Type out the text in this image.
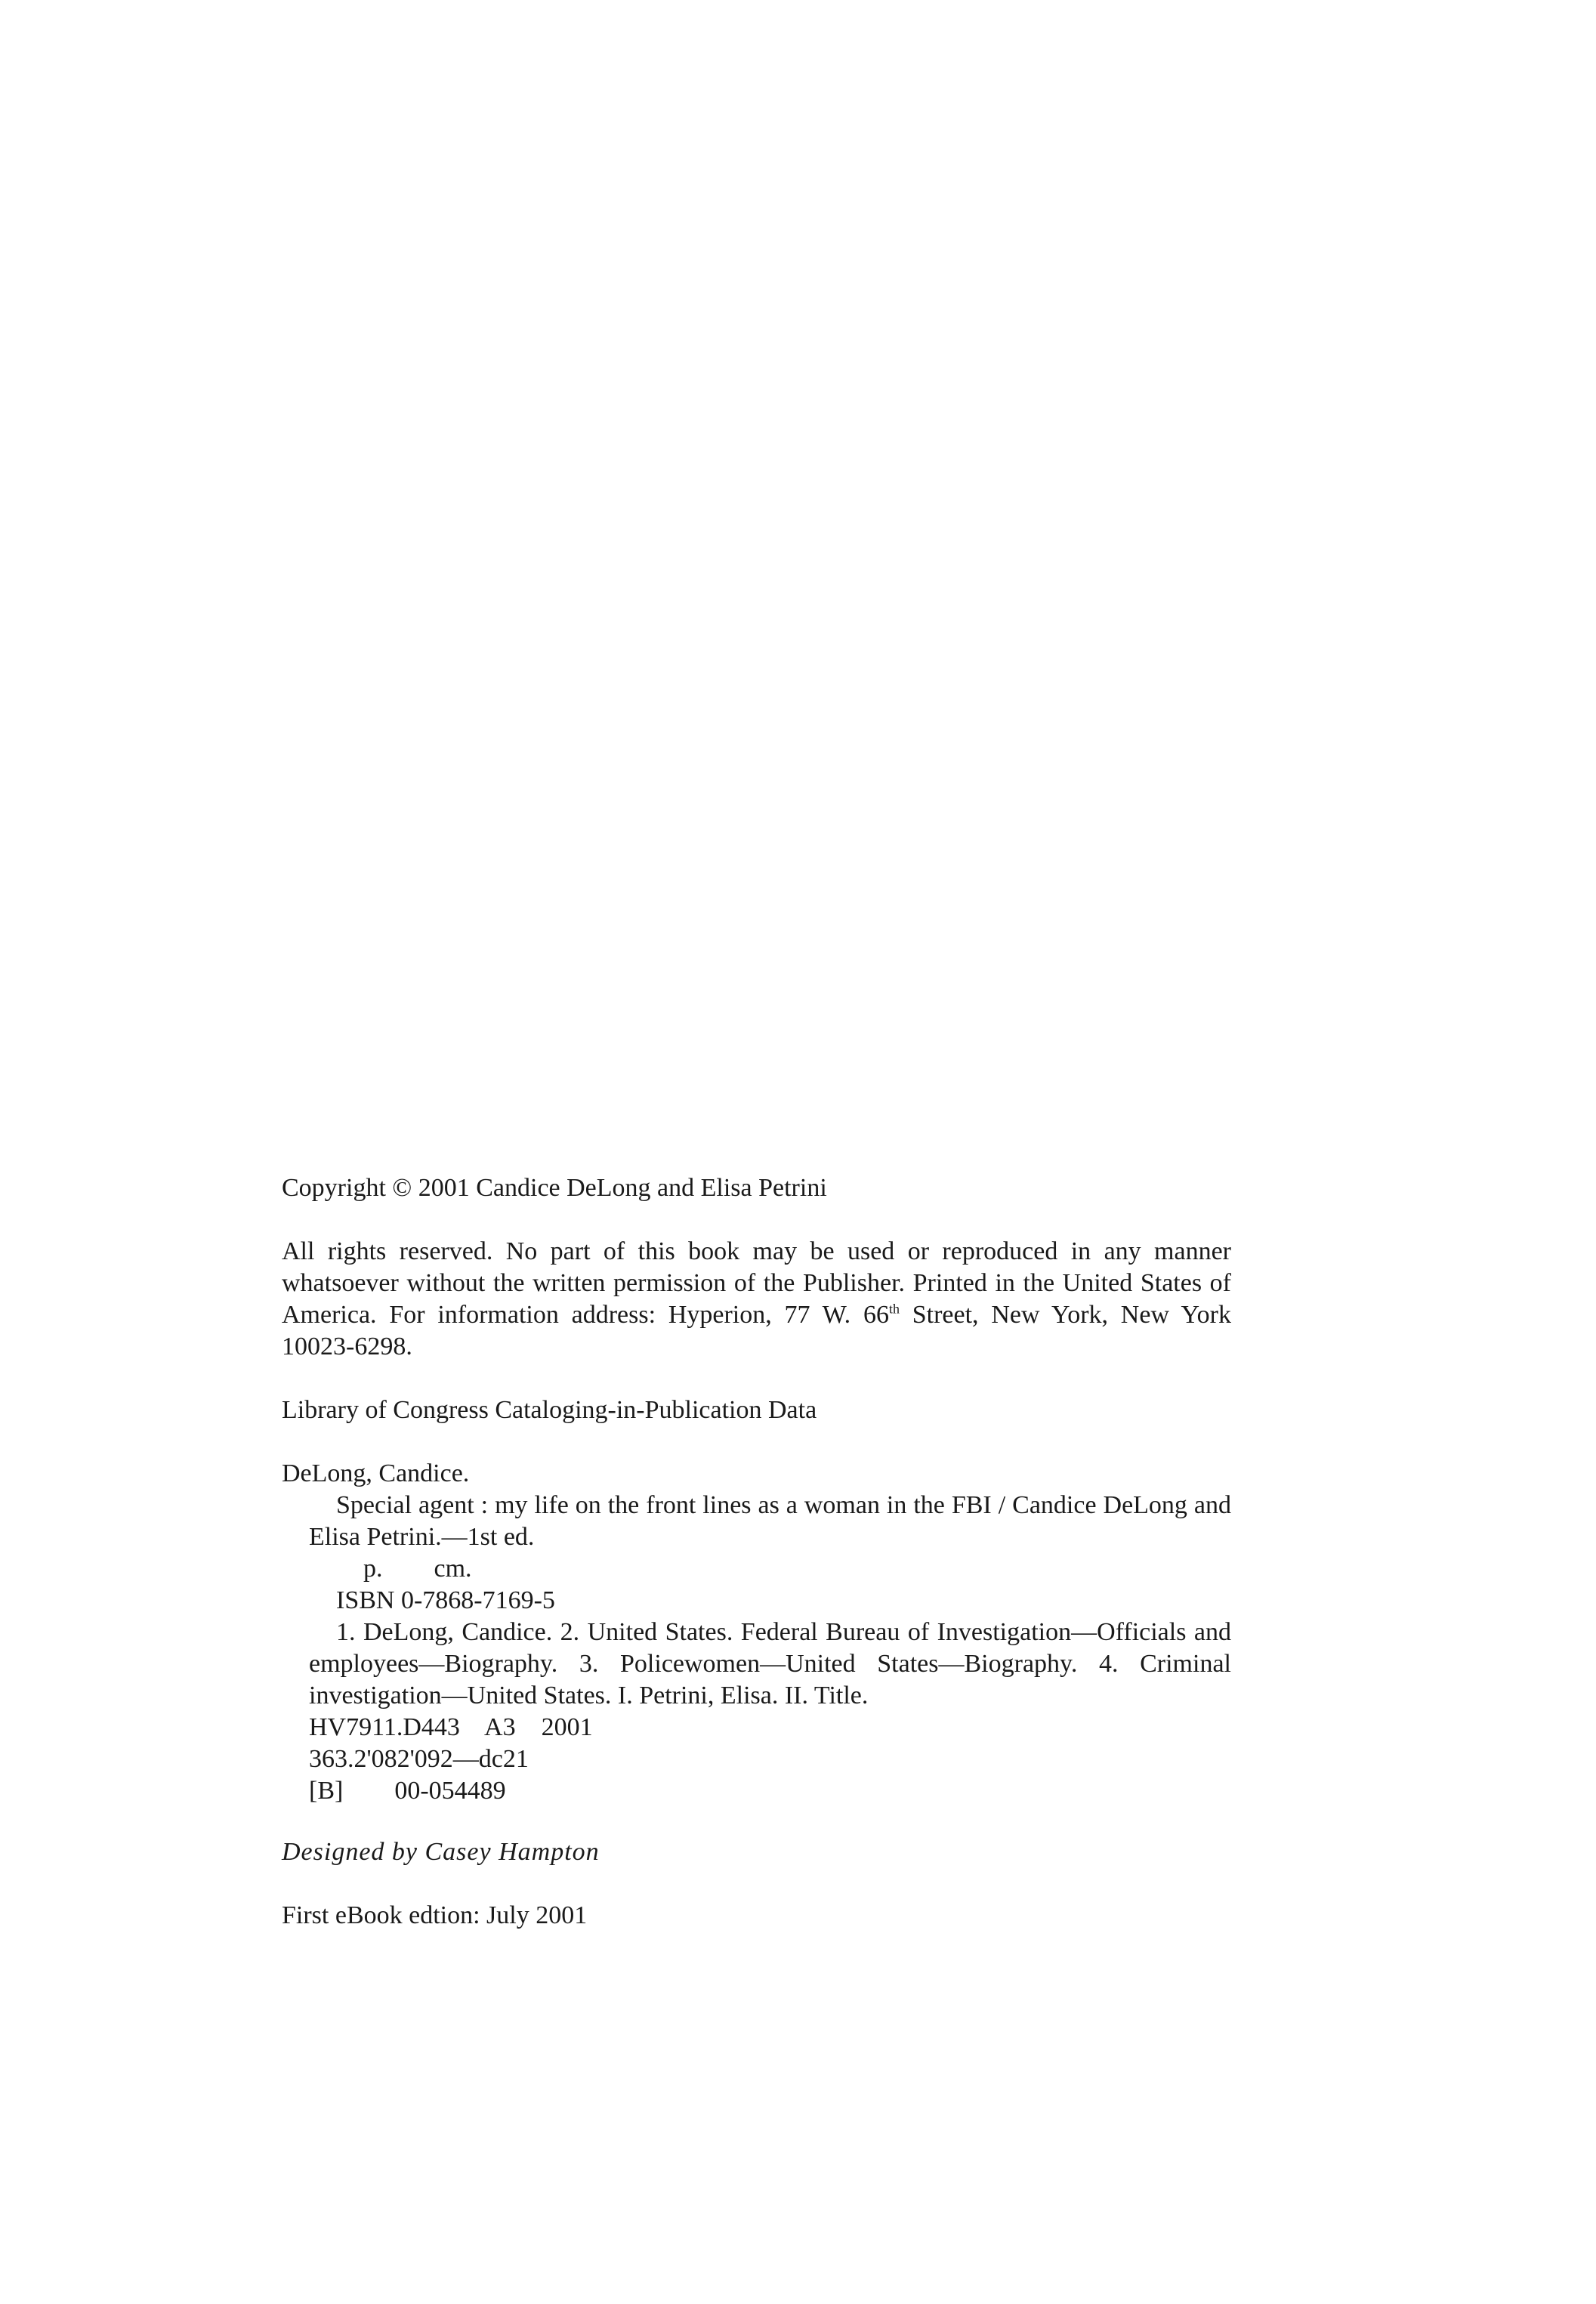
Copyright © 2001 Candice DeLong and Elisa Petrini
All rights reserved. No part of this book may be used or reproduced in any manner whatsoever without the written permission of the Publisher. Printed in the United States of America. For information address: Hyperion, 77 W. 66th Street, New York, New York 10023-6298.
Library of Congress Cataloging-in-Publication Data
DeLong, Candice.
Special agent : my life on the front lines as a woman in the FBI / Candice DeLong and Elisa Petrini.—1st ed.
p.        cm.
ISBN 0-7868-7169-5
1. DeLong, Candice. 2. United States. Federal Bureau of Investigation—Officials and employees—Biography. 3. Policewomen—United States—Biography. 4. Criminal investigation—United States. I. Petrini, Elisa. II. Title.
HV7911.D443    A3    2001
363.2'082'092—dc21
[B]        00-054489
Designed by Casey Hampton
First eBook edtion: July 2001
